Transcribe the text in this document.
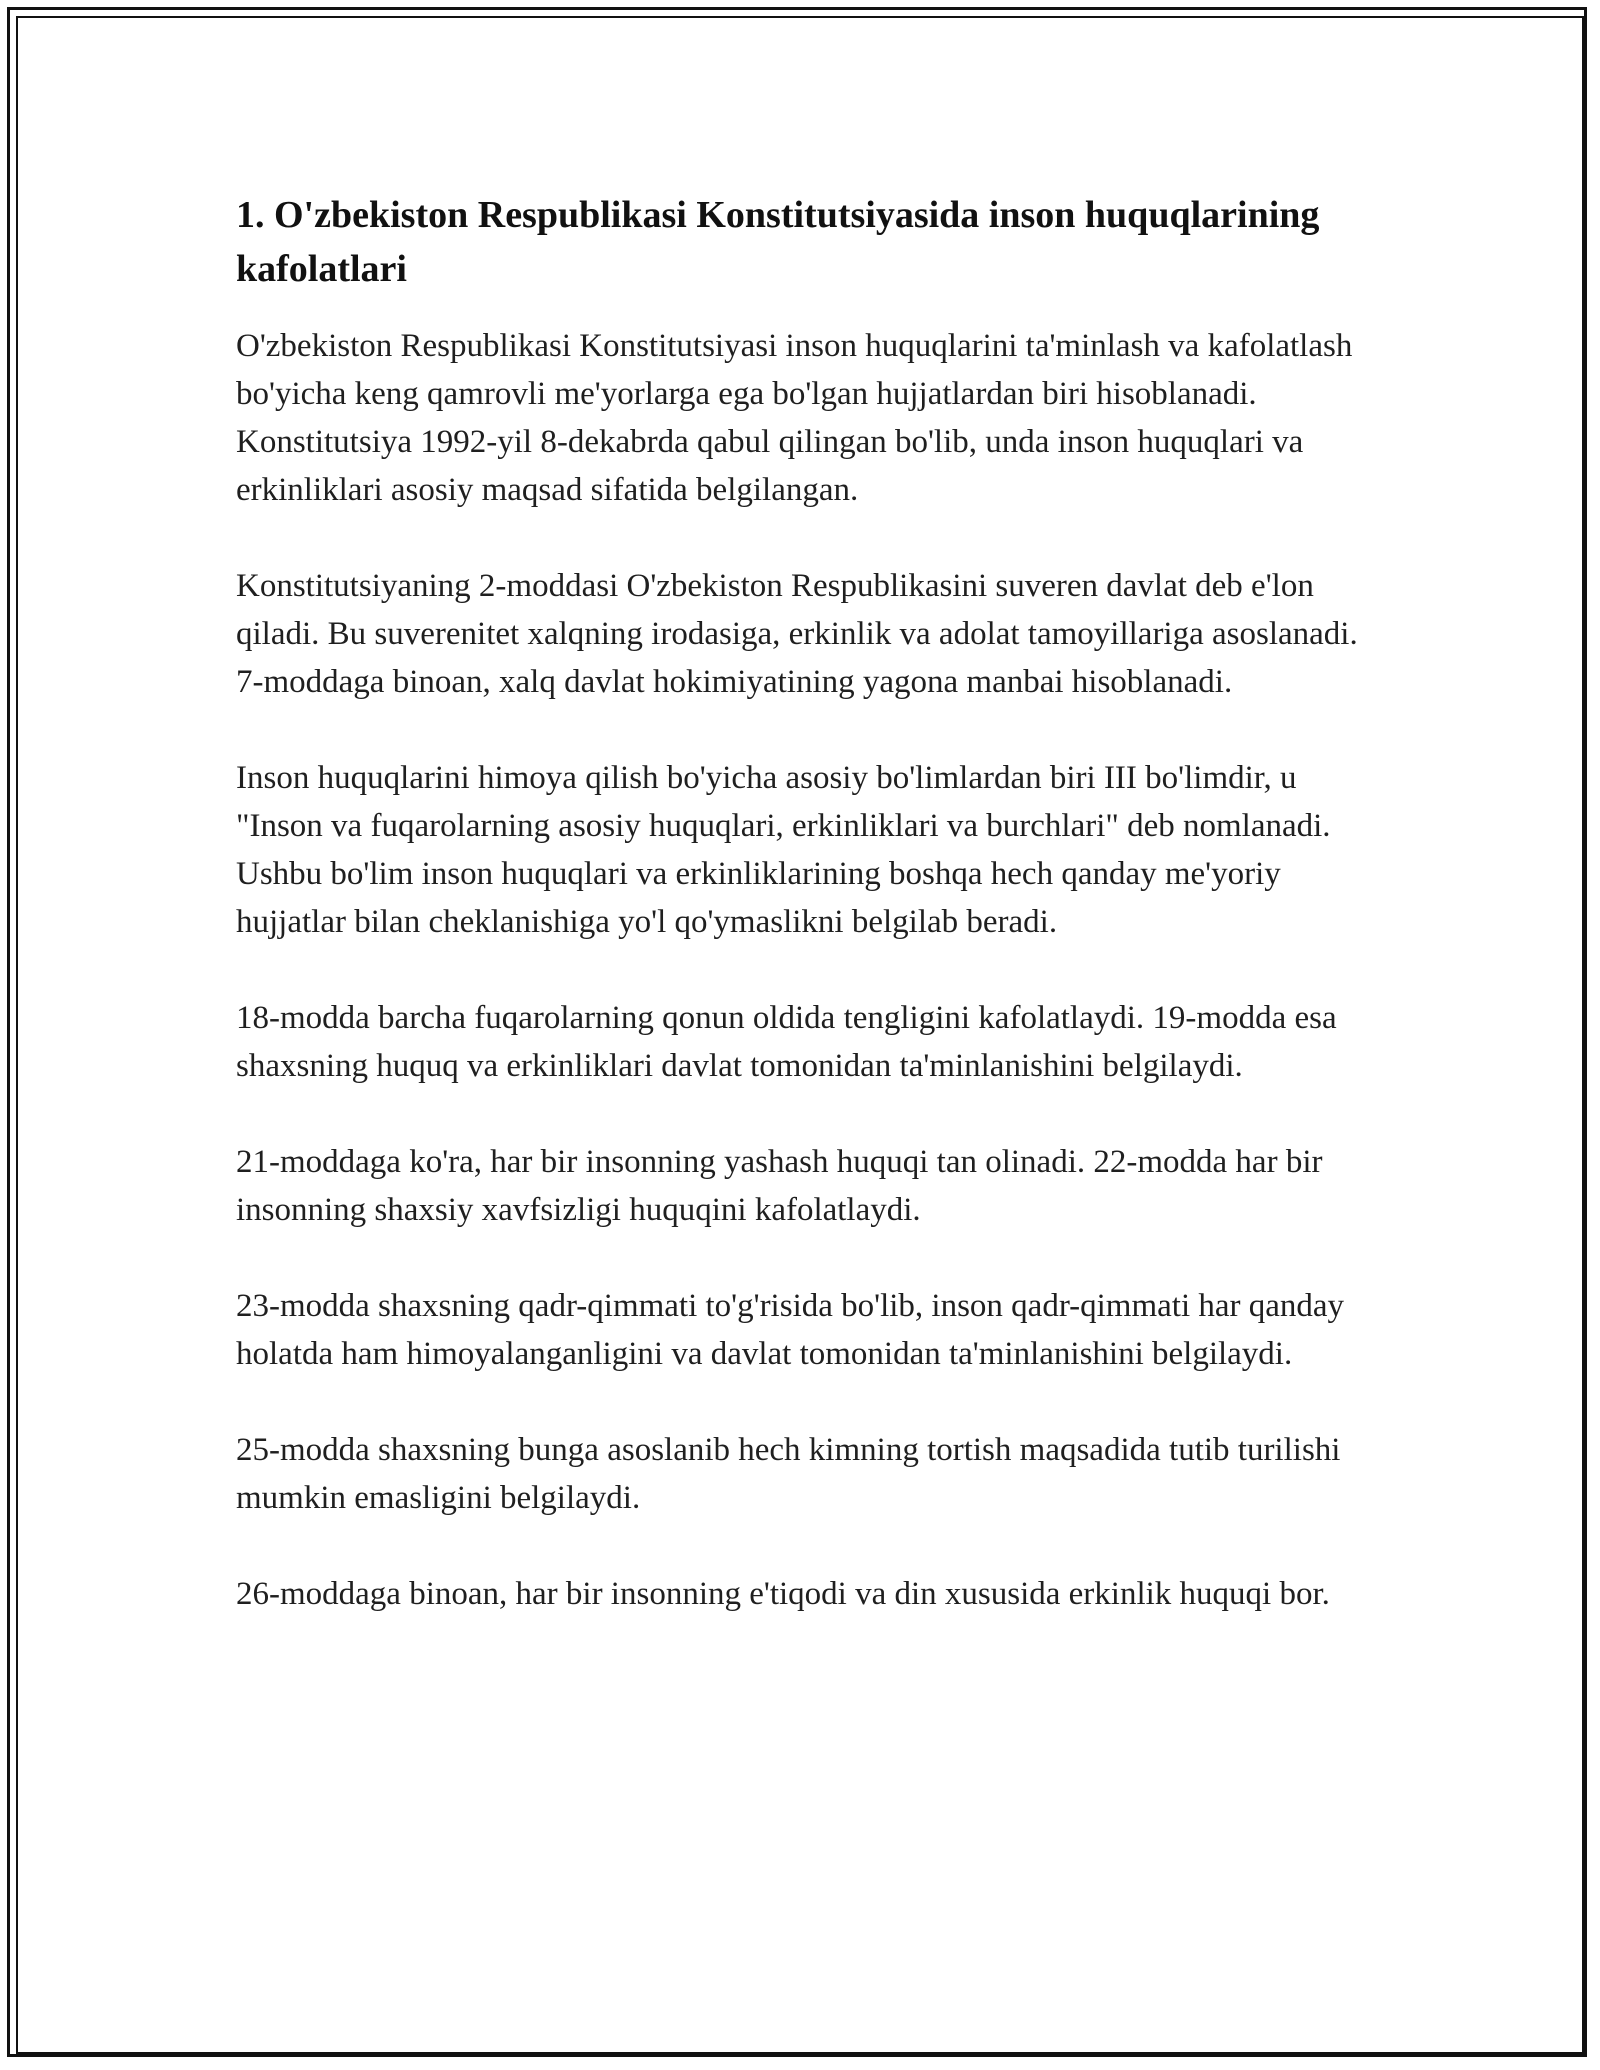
1. O'zbekiston Respublikasi Konstitutsiyasida inson huquqlarining kafolatlari

O'zbekiston Respublikasi Konstitutsiyasi inson huquqlarini ta'minlash va kafolatlash bo'yicha keng qamrovli me'yorlarga ega bo'lgan hujjatlardan biri hisoblanadi. Konstitutsiya 1992-yil 8-dekabrda qabul qilingan bo'lib, unda inson huquqlari va erkinliklari asosiy maqsad sifatida belgilangan.

Konstitutsiyaning 2-moddasi O'zbekiston Respublikasini suveren davlat deb e'lon qiladi. Bu suverenitet xalqning irodasiga, erkinlik va adolat tamoyillariga asoslanadi. 7-moddaga binoan, xalq davlat hokimiyatining yagona manbai hisoblanadi.

Inson huquqlarini himoya qilish bo'yicha asosiy bo'limlardan biri III bo'limdir, u "Inson va fuqarolarning asosiy huquqlari, erkinliklari va burchlari" deb nomlanadi. Ushbu bo'lim inson huquqlari va erkinliklarining boshqa hech qanday me'yoriy hujjatlar bilan cheklanishiga yo'l qo'ymaslikni belgilab beradi.

18-modda barcha fuqarolarning qonun oldida tengligini kafolatlaydi. 19-modda esa shaxsning huquq va erkinliklari davlat tomonidan ta'minlanishini belgilaydi.

21-moddaga ko'ra, har bir insonning yashash huquqi tan olinadi. 22-modda har bir insonning shaxsiy xavfsizligi huquqini kafolatlaydi.

23-modda shaxsning qadr-qimmati to'g'risida bo'lib, inson qadr-qimmati har qanday holatda ham himoyalanganligini va davlat tomonidan ta'minlanishini belgilaydi.

25-modda shaxsning bunga asoslanib hech kimning tortish maqsadida tutib turilishi mumkin emasligini belgilaydi.

26-moddaga binoan, har bir insonning e'tiqodi va din xususida erkinlik huquqi bor.
